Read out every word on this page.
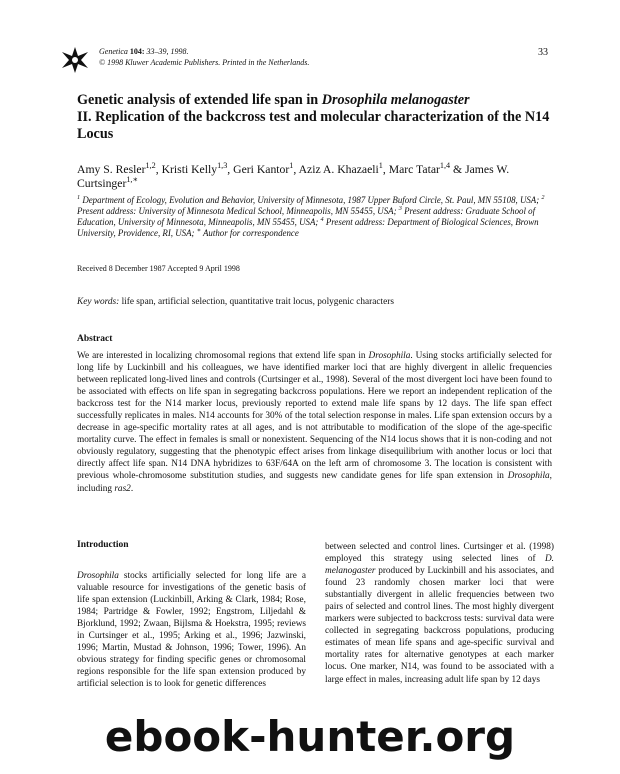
Genetica 104: 33–39, 1998.
© 1998 Kluwer Academic Publishers. Printed in the Netherlands.
33
Genetic analysis of extended life span in Drosophila melanogaster
II. Replication of the backcross test and molecular characterization of the N14 Locus
Amy S. Resler$^{1,2}$, Kristi Kelly$^{1,3}$, Geri Kantor$^1$, Aziz A. Khazaeli$^1$, Marc Tatar$^{1,4}$ & James W. Curtsinger$^{1,∗}$
$^1$ Department of Ecology, Evolution and Behavior, University of Minnesota, 1987 Upper Buford Circle, St. Paul, MN 55108, USA; $^2$ Present address: University of Minnesota Medical School, Minneapolis, MN 55455, USA; $^3$ Present address: Graduate School of Education, University of Minnesota, Minneapolis, MN 55455, USA; $^4$ Present address: Department of Biological Sciences, Brown University, Providence, RI, USA; ∗ Author for correspondence
Received 8 December 1987 Accepted 9 April 1998
Key words: life span, artificial selection, quantitative trait locus, polygenic characters
Abstract
We are interested in localizing chromosomal regions that extend life span in Drosophila. Using stocks artificially selected for long life by Luckinbill and his colleagues, we have identified marker loci that are highly divergent in allelic frequencies between replicated long-lived lines and controls (Curtsinger et al., 1998). Several of the most divergent loci have been found to be associated with effects on life span in segregating backcross populations. Here we report an independent replication of the backcross test for the N14 marker locus, previously reported to extend male life spans by 12 days. The life span effect successfully replicates in males. N14 accounts for 30% of the total selection response in males. Life span extension occurs by a decrease in age-specific mortality rates at all ages, and is not attributable to modification of the slope of the age-specific mortality curve. The effect in females is small or nonexistent. Sequencing of the N14 locus shows that it is non-coding and not obviously regulatory, suggesting that the phenotypic effect arises from linkage disequilibrium with another locus or loci that directly affect life span. N14 DNA hybridizes to 63F/64A on the left arm of chromosome 3. The location is consistent with previous whole-chromosome substitution studies, and suggests new candidate genes for life span extension in Drosophila, including ras2.
Introduction
Drosophila stocks artificially selected for long life are a valuable resource for investigations of the genetic basis of life span extension (Luckinbill, Arking & Clark, 1984; Rose, 1984; Partridge & Fowler, 1992; Engstrom, Liljedahl & Bjorklund, 1992; Zwaan, Bijlsma & Hoekstra, 1995; reviews in Curtsinger et al., 1995; Arking et al., 1996; Jazwinski, 1996; Martin, Mustad & Johnson, 1996; Tower, 1996). An obvious strategy for finding specific genes or chromosomal regions responsible for the life span extension produced by artificial selection is to look for genetic differences
between selected and control lines. Curtsinger et al. (1998) employed this strategy using selected lines of D. melanogaster produced by Luckinbill and his associates, and found 23 randomly chosen marker loci that were substantially divergent in allelic frequencies between two pairs of selected and control lines. The most highly divergent markers were subjected to backcross tests: survival data were collected in segregating backcross populations, producing estimates of mean life spans and age-specific survival and mortality rates for alternative genotypes at each marker locus. One marker, N14, was found to be associated with a large effect in males, increasing adult life span by 12 days
ebook-hunter.org
